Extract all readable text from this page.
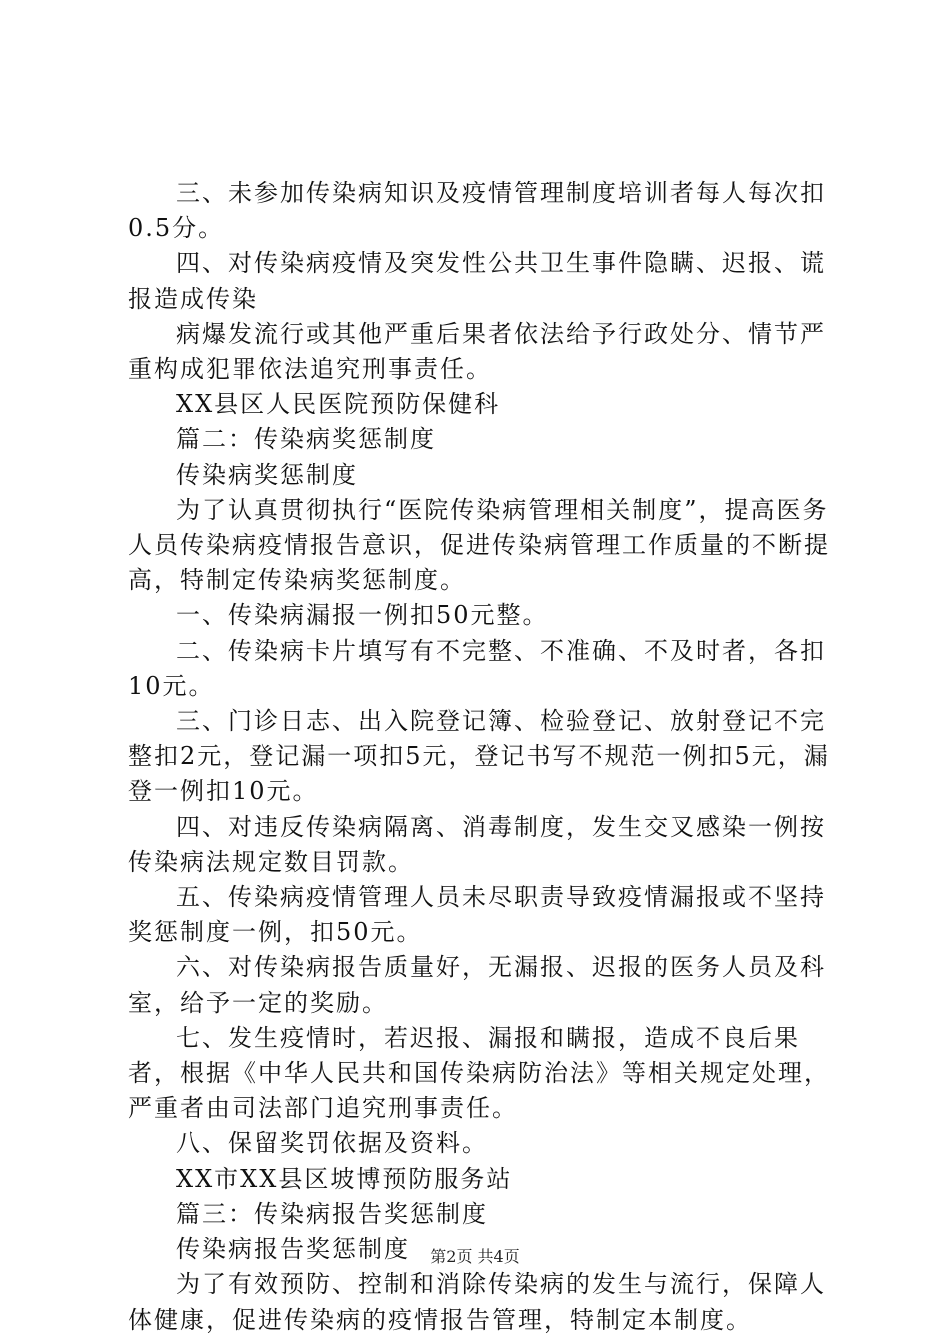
三、未参加传染病知识及疫情管理制度培训者每人每次扣0.5分。

四、对传染病疫情及突发性公共卫生事件隐瞒、迟报、谎报造成传染

病爆发流行或其他严重后果者依法给予行政处分、情节严重构成犯罪依法追究刑事责任。

XX县区人民医院预防保健科

篇二：传染病奖惩制度

传染病奖惩制度

为了认真贯彻执行“医院传染病管理相关制度”，提高医务人员传染病疫情报告意识，促进传染病管理工作质量的不断提高，特制定传染病奖惩制度。

一、传染病漏报一例扣50元整。

二、传染病卡片填写有不完整、不准确、不及时者，各扣10元。

三、门诊日志、出入院登记簿、检验登记、放射登记不完整扣2元，登记漏一项扣5元，登记书写不规范一例扣5元，漏登一例扣10元。

四、对违反传染病隔离、消毒制度，发生交叉感染一例按传染病法规定数目罚款。

五、传染病疫情管理人员未尽职责导致疫情漏报或不坚持奖惩制度一例，扣50元。

六、对传染病报告质量好，无漏报、迟报的医务人员及科室，给予一定的奖励。

七、发生疫情时，若迟报、漏报和瞒报，造成不良后果者，根据《中华人民共和国传染病防治法》等相关规定处理，严重者由司法部门追究刑事责任。

八、保留奖罚依据及资料。

XX市XX县区坡博预防服务站

篇三：传染病报告奖惩制度

传染病报告奖惩制度

为了有效预防、控制和消除传染病的发生与流行，保障人体健康，促进传染病的疫情报告管理，特制定本制度。

第2页 共4页
